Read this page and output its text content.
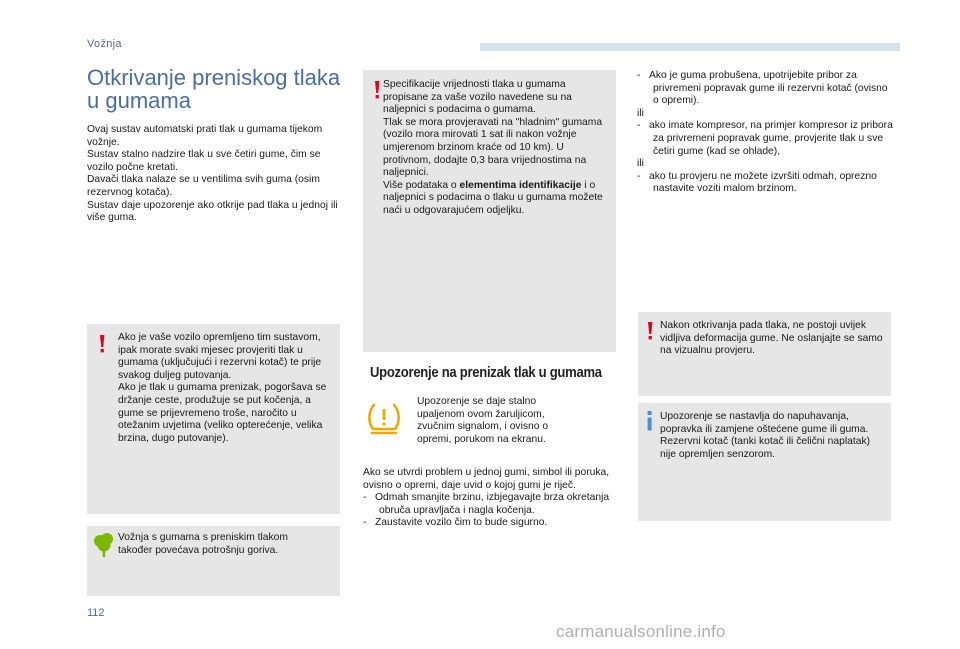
Vožnja
Otkrivanje preniskog tlaka u gumama
Ovaj sustav automatski prati tlak u gumama tijekom vožnje.
Sustav stalno nadzire tlak u sve četiri gume, čim se vozilo počne kretati.
Davači tlaka nalaze se u ventilima svih guma (osim rezervnog kotača).
Sustav daje upozorenje ako otkrije pad tlaka u jednoj ili više guma.
Ako je vaše vozilo opremljeno tim sustavom, ipak morate svaki mjesec provjeriti tlak u gumama (uključujući i rezervni kotač) te prije svakog duljeg putovanja.
Ako je tlak u gumama prenizak, pogoršava se držanje ceste, produžuje se put kočenja, a gume se prijevremeno troše, naročito u otežanim uvjetima (veliko opterećenje, velika brzina, dugo putovanje).
Vožnja s gumama s preniskim tlakom također povećava potrošnju goriva.
Specifikacije vrijednosti tlaka u gumama propisane za vaše vozilo navedene su na naljepnici s podacima o gumama.
Tlak se mora provjeravati na "hladnim" gumama (vozilo mora mirovati 1 sat ili nakon vožnje umjerenom brzinom kraće od 10 km). U protivnom, dodajte 0,3 bara vrijednostima na naljepnici.
Više podataka o elementima identifikacije i o naljepnici s podacima o tlaku u gumama možete naći u odgovarajućem odjeljku.
Upozorenje na prenizak tlak u gumama
Upozorenje se daje stalno upaljenom ovom žaruljicom, zvučnim signalom, i ovisno o opremi, porukom na ekranu.
Ako se utvrdi problem u jednoj gumi, simbol ili poruka, ovisno o opremi, daje uvid o kojoj gumi je riječ.
-   Odmah smanjite brzinu, izbjegavajte brza okretanja obruča upravljača i nagla kočenja.
-   Zaustavite vozilo čim to bude sigurno.
-   Ako je guma probušena, upotrijebite pribor za privremeni popravak gume ili rezervni kotač (ovisno o opremi).
ili
-   ako imate kompresor, na primjer kompresor iz pribora za privremeni popravak gume, provjerite tlak u sve četiri gume (kad se ohlade),
ili
-   ako tu provjeru ne možete izvršiti odmah, oprezno nastavite voziti malom brzinom.
Nakon otkrivanja pada tlaka, ne postoji uvijek vidljiva deformacija gume. Ne oslanjajte se samo na vizualnu provjeru.
Upozorenje se nastavlja do napuhavanja, popravka ili zamjene oštećene gume ili guma.
Rezervni kotač (tanki kotač ili čelični naplatak) nije opremljen senzorom.
112
carmanualsonline.info
